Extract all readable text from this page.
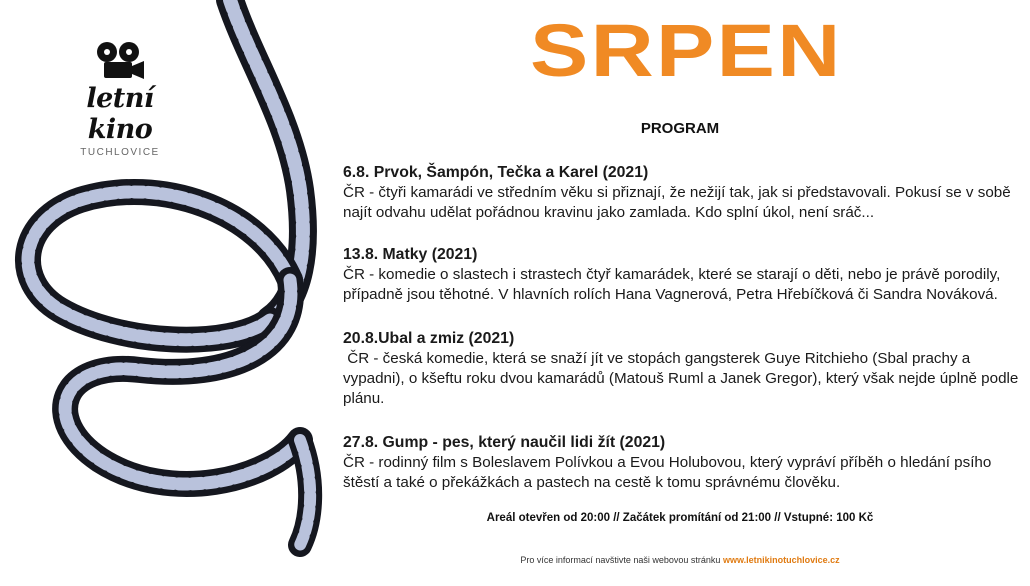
letní kino
TUCHLOVICE
SRPEN
PROGRAM
6.8. Prvok, Šampón, Tečka a Karel (2021)
ČR - čtyři kamarádi ve středním věku si přiznají, že nežijí tak, jak si představovali. Pokusí se v sobě najít odvahu udělat pořádnou kravinu jako zamlada. Kdo splní úkol, není sráč...
13.8. Matky (2021)
ČR - komedie o slastech i strastech čtyř kamarádek, které se starají o děti, nebo je právě porodily, případně jsou těhotné. V hlavních rolích Hana Vagnerová, Petra Hřebíčková či Sandra Nováková.
20.8.Ubal a zmiz (2021)
ČR - česká komedie, která se snaží jít ve stopách gangsterek Guye Ritchieho (Sbal prachy a vypadni), o kšeftu roku dvou kamarádů (Matouš Ruml a Janek Gregor), který však nejde úplně podle plánu.
27.8. Gump - pes, který naučil lidi žít (2021)
ČR - rodinný film s Boleslavem Polívkou a Evou Holubovou, který vypráví příběh o hledání psího štěstí a také o překážkách a pastech na cestě k tomu správnému člověku.
Areál otevřen od 20:00 // Začátek promítání od 21:00 // Vstupné: 100 Kč
Pro více informací navštivte naši webovou stránku www.letnikinotuchlovice.cz
